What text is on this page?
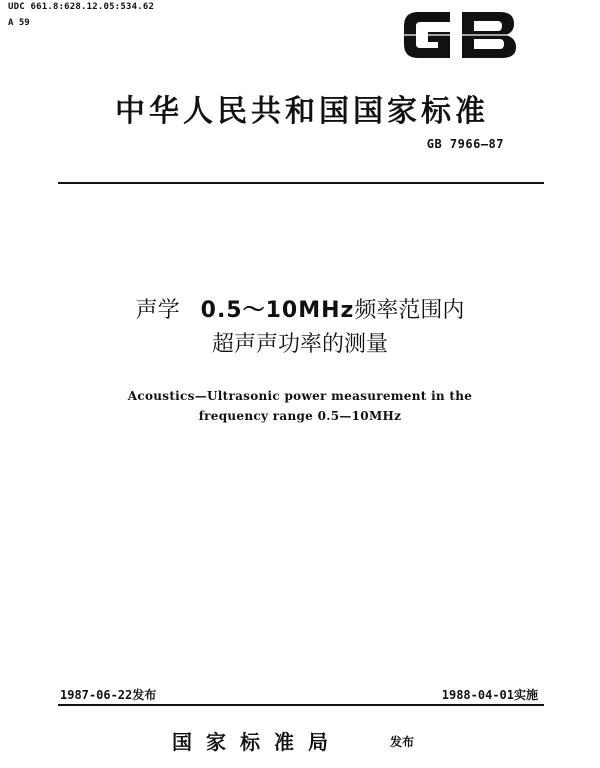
UDC 661.8:628.12.05:534.62
A 59
中华人民共和国国家标准
GB 7966—87
声学 0.5～10MHz频率范围内
超声声功率的测量
Acoustics—Ultrasonic power measurement in the
frequency range 0.5—10MHz
1987-06-22发布	1988-04-01实施
国家标准局	发布
